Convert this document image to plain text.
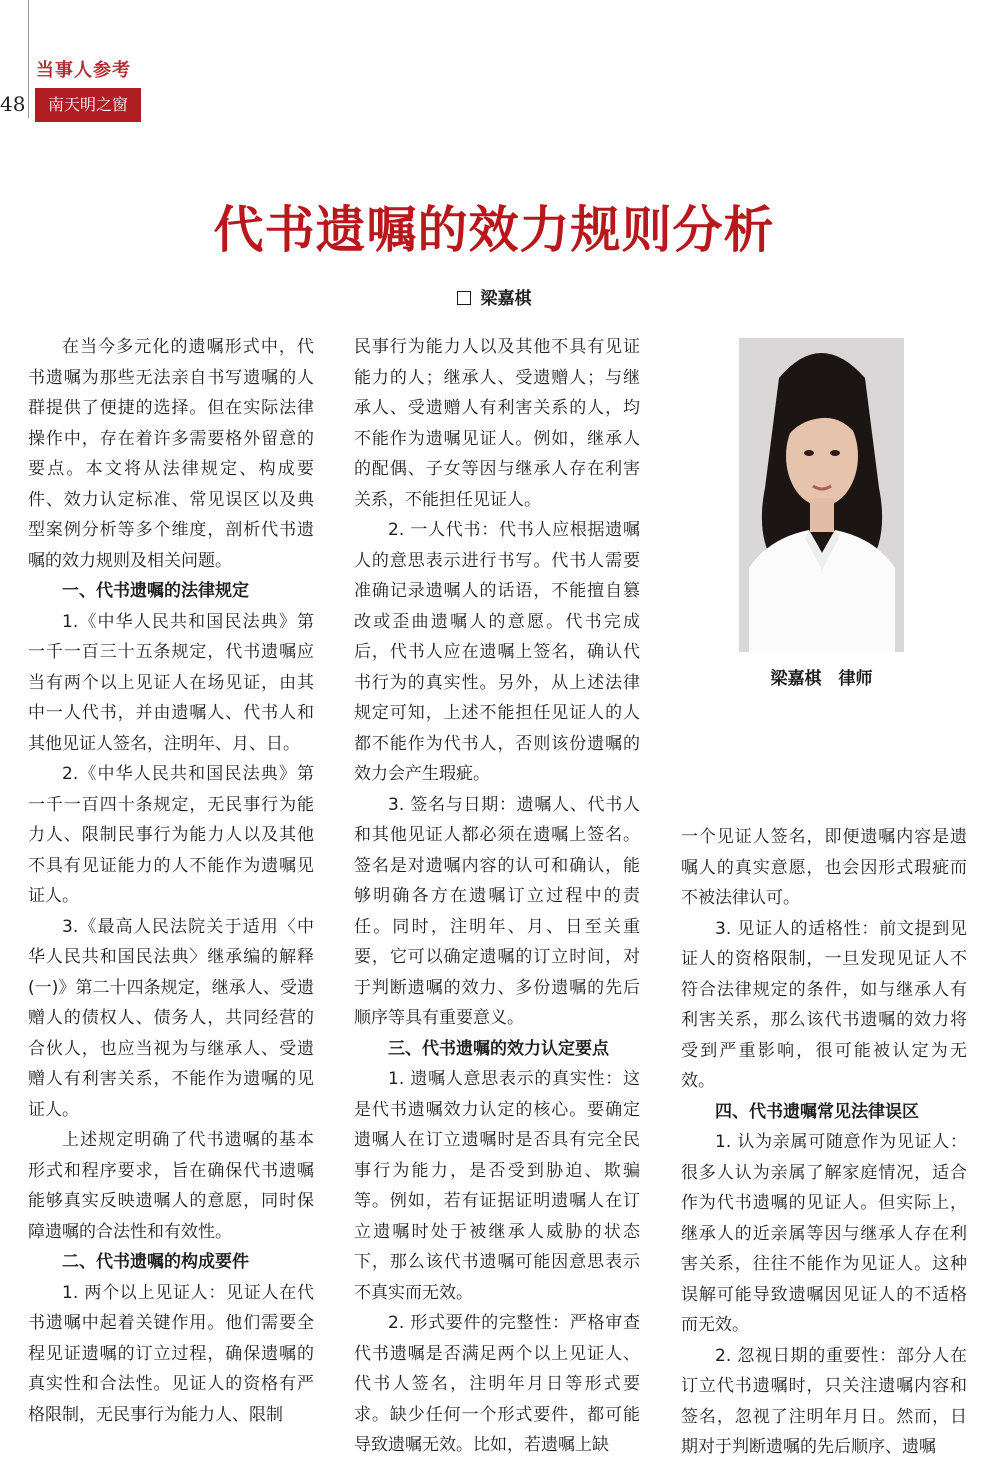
48
当事人参考
南天明之窗
代书遗嘱的效力规则分析
梁嘉棋

在当今多元化的遗嘱形式中，代书遗嘱为那些无法亲自书写遗嘱的人群提供了便捷的选择。但在实际法律操作中，存在着许多需要格外留意的要点。本文将从法律规定、构成要件、效力认定标准、常见误区以及典型案例分析等多个维度，剖析代书遗嘱的效力规则及相关问题。

一、代书遗嘱的法律规定

1.《中华人民共和国民法典》第一千一百三十五条规定，代书遗嘱应当有两个以上见证人在场见证，由其中一人代书，并由遗嘱人、代书人和其他见证人签名，注明年、月、日。

2.《中华人民共和国民法典》第一千一百四十条规定，无民事行为能力人、限制民事行为能力人以及其他不具有见证能力的人不能作为遗嘱见证人。

3.《最高人民法院关于适用〈中华人民共和国民法典〉继承编的解释(一)》第二十四条规定，继承人、受遗赠人的债权人、债务人，共同经营的合伙人，也应当视为与继承人、受遗赠人有利害关系，不能作为遗嘱的见证人。

上述规定明确了代书遗嘱的基本形式和程序要求，旨在确保代书遗嘱能够真实反映遗嘱人的意愿，同时保障遗嘱的合法性和有效性。

二、代书遗嘱的构成要件

1. 两个以上见证人：见证人在代书遗嘱中起着关键作用。他们需要全程见证遗嘱的订立过程，确保遗嘱的真实性和合法性。见证人的资格有严格限制，无民事行为能力人、限制

民事行为能力人以及其他不具有见证能力的人；继承人、受遗赠人；与继承人、受遗赠人有利害关系的人，均不能作为遗嘱见证人。例如，继承人的配偶、子女等因与继承人存在利害关系，不能担任见证人。

2. 一人代书：代书人应根据遗嘱人的意思表示进行书写。代书人需要准确记录遗嘱人的话语，不能擅自篡改或歪曲遗嘱人的意愿。代书完成后，代书人应在遗嘱上签名，确认代书行为的真实性。另外，从上述法律规定可知，上述不能担任见证人的人都不能作为代书人，否则该份遗嘱的效力会产生瑕疵。

3. 签名与日期：遗嘱人、代书人和其他见证人都必须在遗嘱上签名。签名是对遗嘱内容的认可和确认，能够明确各方在遗嘱订立过程中的责任。同时，注明年、月、日至关重要，它可以确定遗嘱的订立时间，对于判断遗嘱的效力、多份遗嘱的先后顺序等具有重要意义。

三、代书遗嘱的效力认定要点

1. 遗嘱人意思表示的真实性：这是代书遗嘱效力认定的核心。要确定遗嘱人在订立遗嘱时是否具有完全民事行为能力，是否受到胁迫、欺骗等。例如，若有证据证明遗嘱人在订立遗嘱时处于被继承人威胁的状态下，那么该代书遗嘱可能因意思表示不真实而无效。

2. 形式要件的完整性：严格审查代书遗嘱是否满足两个以上见证人、代书人签名，注明年月日等形式要求。缺少任何一个形式要件，都可能导致遗嘱无效。比如，若遗嘱上缺

一个见证人签名，即便遗嘱内容是遗嘱人的真实意愿，也会因形式瑕疵而不被法律认可。

3. 见证人的适格性：前文提到见证人的资格限制，一旦发现见证人不符合法律规定的条件，如与继承人有利害关系，那么该代书遗嘱的效力将受到严重影响，很可能被认定为无效。

四、代书遗嘱常见法律误区

1. 认为亲属可随意作为见证人：很多人认为亲属了解家庭情况，适合作为代书遗嘱的见证人。但实际上，继承人的近亲属等因与继承人存在利害关系，往往不能作为见证人。这种误解可能导致遗嘱因见证人的不适格而无效。

2. 忽视日期的重要性：部分人在订立代书遗嘱时，只关注遗嘱内容和签名，忽视了注明年月日。然而，日期对于判断遗嘱的先后顺序、遗嘱

梁嘉棋　律师
